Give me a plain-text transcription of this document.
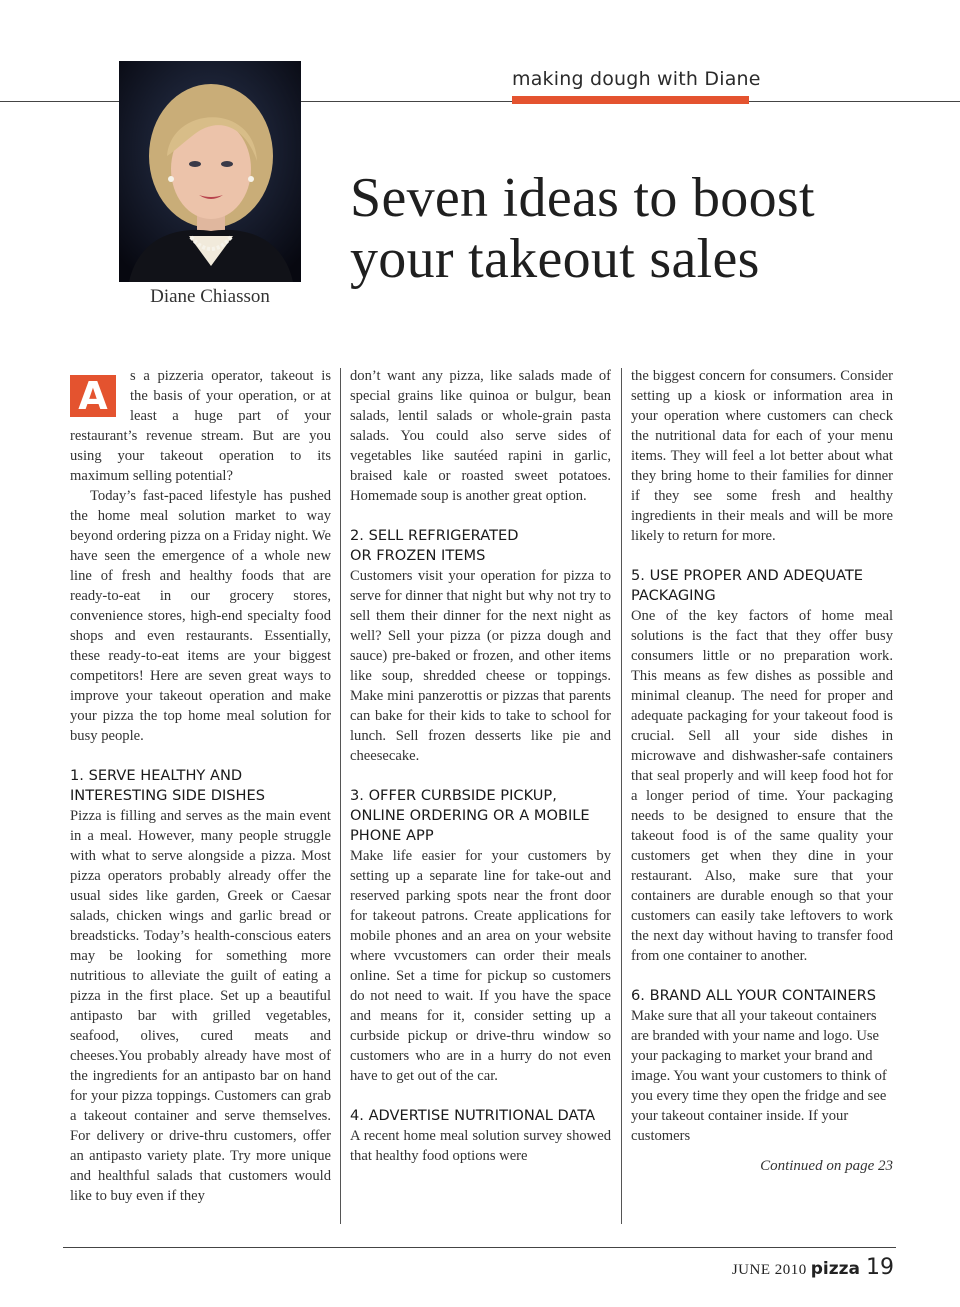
making dough with Diane
Diane Chiasson
Seven ideas to boost
your takeout sales
A	s a pizzeria operator, takeout is the basis of your operation, or at least a huge part of your restaurant’s revenue stream. But are you using your takeout operation to its maximum selling potential?

Today’s fast-paced lifestyle has pushed the home meal solution market to way beyond ordering pizza on a Friday night. We have seen the emergence of a whole new line of fresh and healthy foods that are ready-to-eat in our grocery stores, convenience stores, high-end specialty food shops and even restaurants. Essentially, these ready-to-eat items are your biggest competitors! Here are seven great ways to improve your takeout operation and make your pizza the top home meal solution for busy people.

1. SERVE HEALTHY AND
INTERESTING SIDE DISHES

Pizza is filling and serves as the main event in a meal. However, many people struggle with what to serve alongside a pizza. Most pizza operators probably already offer the usual sides like garden, Greek or Caesar salads, chicken wings and garlic bread or breadsticks. Today’s health-conscious eaters may be looking for something more nutritious to alleviate the guilt of eating a pizza in the first place. Set up a beautiful antipasto bar with grilled vegetables, seafood, olives, cured meats and cheeses.You probably already have most of the ingredients for an antipasto bar on hand for your pizza toppings. Customers can grab a takeout container and serve themselves. For delivery or drive-thru customers, offer an antipasto variety plate. Try more unique and healthful salads that customers would like to buy even if they

don’t want any pizza, like salads made of special grains like quinoa or bulgur, bean salads, lentil salads or whole-grain pasta salads. You could also serve sides of vegetables like sautéed rapini in garlic, braised kale or roasted sweet potatoes. Homemade soup is another great option.

2. SELL REFRIGERATED
OR FROZEN ITEMS

Customers visit your operation for pizza to serve for dinner that night but why not try to sell them their dinner for the next night as well? Sell your pizza (or pizza dough and sauce) pre-baked or frozen, and other items like soup, shredded cheese or toppings. Make mini panzerottis or pizzas that parents can bake for their kids to take to school for lunch. Sell frozen desserts like pie and cheesecake.

3. OFFER CURBSIDE PICKUP,
ONLINE ORDERING OR A MOBILE
PHONE APP

Make life easier for your customers by setting up a separate line for take-out and reserved parking spots near the front door for takeout patrons. Create applications for mobile phones and an area on your website where vvcustomers can order their meals online. Set a time for pickup so customers do not need to wait. If you have the space and means for it, consider setting up a curbside pickup or drive-thru window so customers who are in a hurry do not even have to get out of the car.

4. ADVERTISE NUTRITIONAL DATA

A recent home meal solution survey showed that healthy food options were

the biggest concern for consumers. Consider setting up a kiosk or information area in your operation where customers can check the nutritional data for each of your menu items. They will feel a lot better about what they bring home to their families for dinner if they see some fresh and healthy ingredients in their meals and will be more likely to return for more.

5. USE PROPER AND ADEQUATE
PACKAGING

One of the key factors of home meal solutions is the fact that they offer busy consumers little or no preparation work. This means as few dishes as possible and minimal cleanup. The need for proper and adequate packaging for your takeout food is crucial. Sell all your side dishes in microwave and dishwasher-safe containers that seal properly and will keep food hot for a longer period of time. Your packaging needs to be designed to ensure that the takeout food is of the same quality your customers get when they dine in your restaurant. Also, make sure that your containers are durable enough so that your customers can easily take leftovers to work the next day without having to transfer food from one container to another.

6. BRAND ALL YOUR CONTAINERS

Make sure that all your takeout containers are branded with your name and logo. Use your packaging to market your brand and image. You want your customers to think of you every time they open the fridge and see your takeout container inside. If your customers

Continued on page 23
JUNE 2010 pizza 19
